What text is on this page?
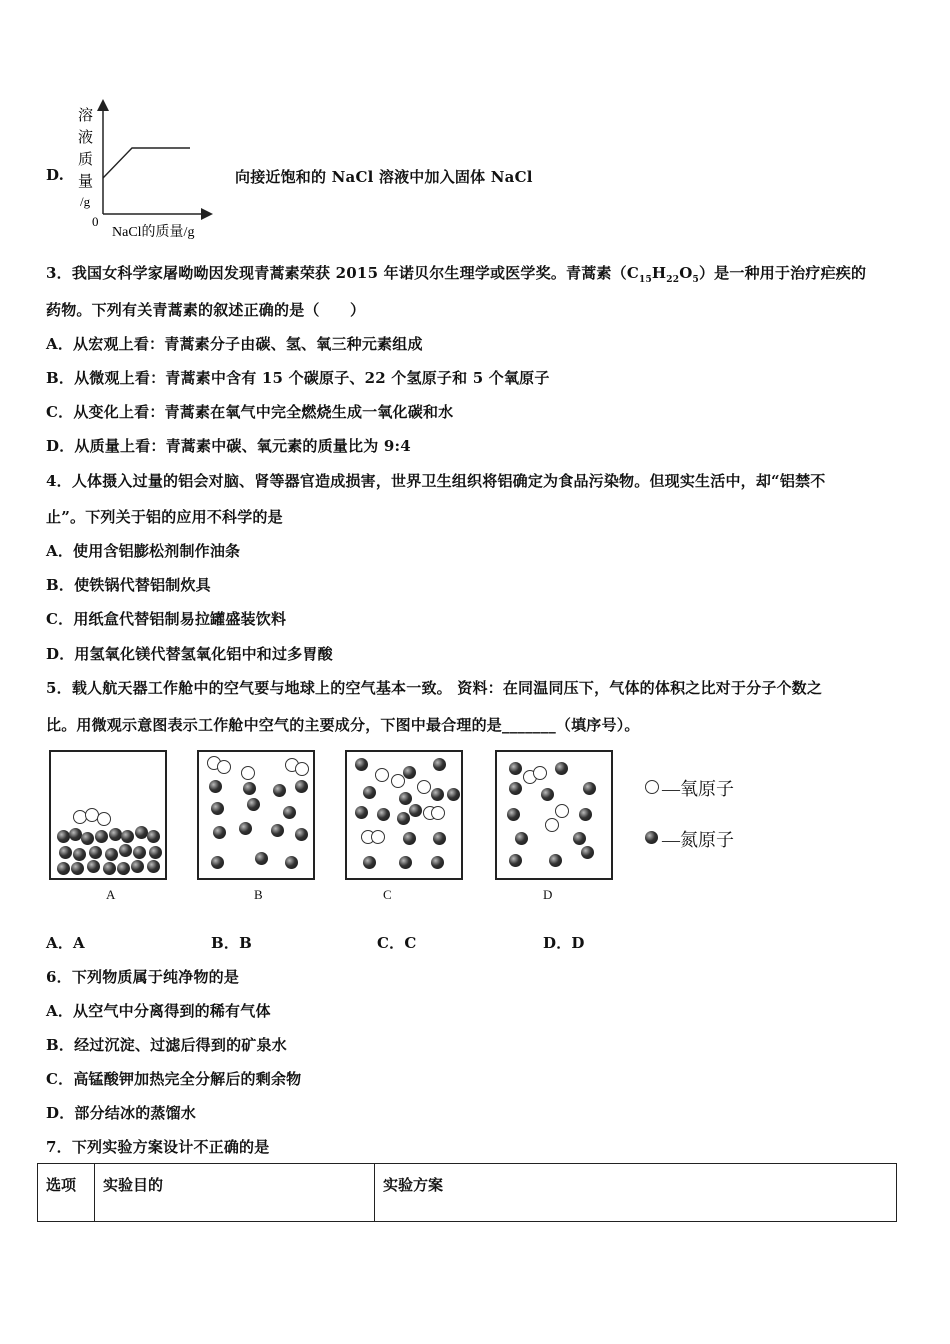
D.
溶
液
质
量
/g
0
NaCl的质量/g
向接近饱和的 NaCl 溶液中加入固体 NaCl
3．我国女科学家屠呦呦因发现青蒿素荣获 2015 年诺贝尔生理学或医学奖。青蒿素$(C_{15}H_{22}O_5)$是一种用于治疗疟疾的
药物。下列有关青蒿素的叙述正确的是（　　）
A．从宏观上看：青蒿素分子由碳、氢、氧三种元素组成
B．从微观上看：青蒿素中含有 15 个碳原子、22 个氢原子和 5 个氧原子
C．从变化上看：青蒿素在氧气中完全燃烧生成一氧化碳和水
D．从质量上看：青蒿素中碳、氧元素的质量比为 9:4
4．人体摄入过量的铝会对脑、肾等器官造成损害，世界卫生组织将铝确定为食品污染物。但现实生活中，却“铝禁不
止”。下列关于铝的应用不科学的是
A．使用含铝膨松剂制作油条
B．使铁锅代替铝制炊具
C．用纸盒代替铝制易拉罐盛装饮料
D．用氢氧化镁代替氢氧化铝中和过多胃酸
5．载人航天器工作舱中的空气要与地球上的空气基本一致。 资料：在同温同压下，气体的体积之比对于分子个数之
比。用微观示意图表示工作舱中空气的主要成分，下图中最合理的是_______（填序号）。
A	B	C	D
—氧原子
—氮原子
A．A	B．B	C．C	D．D
6．下列物质属于纯净物的是
A．从空气中分离得到的稀有气体
B．经过沉淀、过滤后得到的矿泉水
C．高锰酸钾加热完全分解后的剩余物
D．部分结冰的蒸馏水
7．下列实验方案设计不正确的是
选项	实验目的	实验方案
